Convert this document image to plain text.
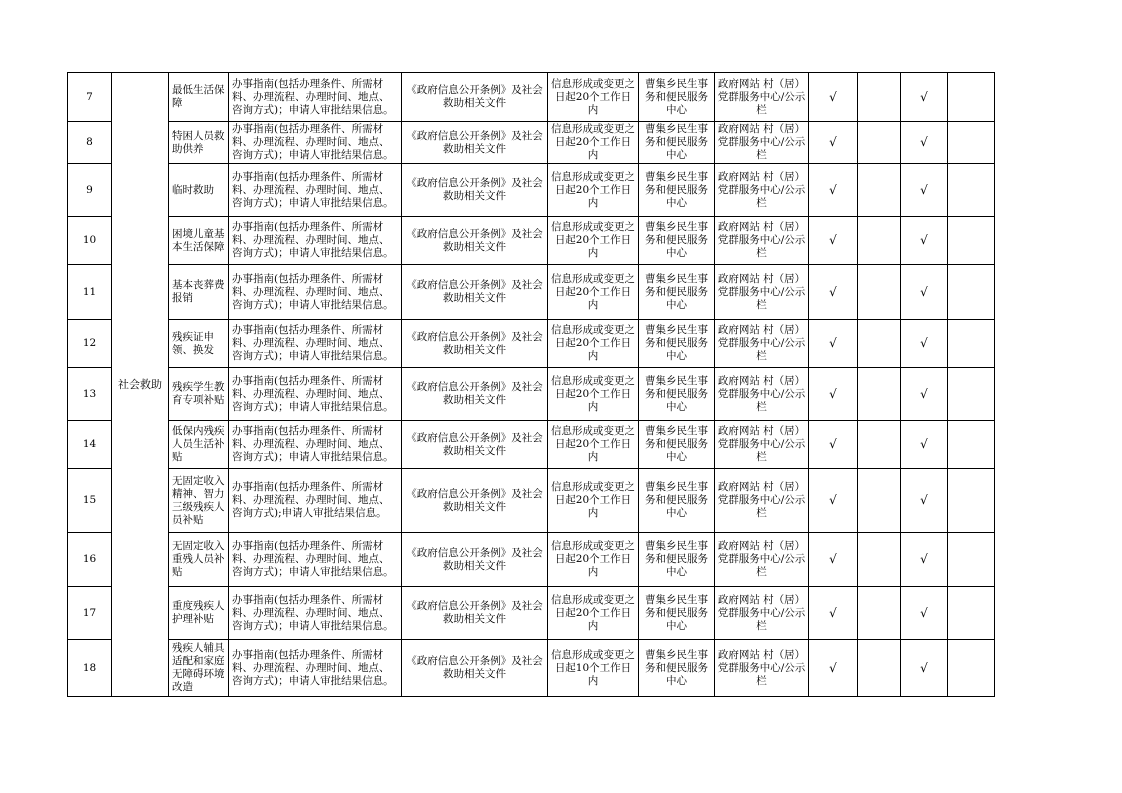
7	社会救助	最低生活保障	办事指南(包括办理条件、所需材料、办理流程、办理时间、地点、咨询方式)；申请人审批结果信息。	《政府信息公开条例》及社会救助相关文件	信息形成或变更之日起20个工作日内	曹集乡民生事务和便民服务中心	政府网站 村（居）党群服务中心/公示栏	√		√	
8		特困人员救助供养	办事指南(包括办理条件、所需材料、办理流程、办理时间、地点、咨询方式)；申请人审批结果信息。	《政府信息公开条例》及社会救助相关文件	信息形成或变更之日起20个工作日内	曹集乡民生事务和便民服务中心	政府网站 村（居）党群服务中心/公示栏	√		√	
9		临时救助	办事指南(包括办理条件、所需材料、办理流程、办理时间、地点、咨询方式)；申请人审批结果信息。	《政府信息公开条例》及社会救助相关文件	信息形成或变更之日起20个工作日内	曹集乡民生事务和便民服务中心	政府网站 村（居）党群服务中心/公示栏	√		√	
10		困境儿童基本生活保障	办事指南(包括办理条件、所需材料、办理流程、办理时间、地点、咨询方式)；申请人审批结果信息。	《政府信息公开条例》及社会救助相关文件	信息形成或变更之日起20个工作日内	曹集乡民生事务和便民服务中心	政府网站 村（居）党群服务中心/公示栏	√		√	
11		基本丧葬费报销	办事指南(包括办理条件、所需材料、办理流程、办理时间、地点、咨询方式)；申请人审批结果信息。	《政府信息公开条例》及社会救助相关文件	信息形成或变更之日起20个工作日内	曹集乡民生事务和便民服务中心	政府网站 村（居）党群服务中心/公示栏	√		√	
12		残疾证申领、换发	办事指南(包括办理条件、所需材料、办理流程、办理时间、地点、咨询方式)；申请人审批结果信息。	《政府信息公开条例》及社会救助相关文件	信息形成或变更之日起20个工作日内	曹集乡民生事务和便民服务中心	政府网站 村（居）党群服务中心/公示栏	√		√	
13		残疾学生教育专项补贴	办事指南(包括办理条件、所需材料、办理流程、办理时间、地点、咨询方式)；申请人审批结果信息。	《政府信息公开条例》及社会救助相关文件	信息形成或变更之日起20个工作日内	曹集乡民生事务和便民服务中心	政府网站 村（居）党群服务中心/公示栏	√		√	
14		低保内残疾人员生活补贴	办事指南(包括办理条件、所需材料、办理流程、办理时间、地点、咨询方式)；申请人审批结果信息。	《政府信息公开条例》及社会救助相关文件	信息形成或变更之日起20个工作日内	曹集乡民生事务和便民服务中心	政府网站 村（居）党群服务中心/公示栏	√		√	
15		无固定收入精神、智力三级残疾人员补贴	办事指南(包括办理条件、所需材料、办理流程、办理时间、地点、咨询方式);申请人审批结果信息。	《政府信息公开条例》及社会救助相关文件	信息形成或变更之日起20个工作日内	曹集乡民生事务和便民服务中心	政府网站 村（居）党群服务中心/公示栏	√		√	
16		无固定收入重残人员补贴	办事指南(包括办理条件、所需材料、办理流程、办理时间、地点、咨询方式)；申请人审批结果信息。	《政府信息公开条例》及社会救助相关文件	信息形成或变更之日起20个工作日内	曹集乡民生事务和便民服务中心	政府网站 村（居）党群服务中心/公示栏	√		√	
17		重度残疾人护理补贴	办事指南(包括办理条件、所需材料、办理流程、办理时间、地点、咨询方式)；申请人审批结果信息。	《政府信息公开条例》及社会救助相关文件	信息形成或变更之日起20个工作日内	曹集乡民生事务和便民服务中心	政府网站 村（居）党群服务中心/公示栏	√		√	
18		残疾人辅具适配和家庭无障碍环境改造	办事指南(包括办理条件、所需材料、办理流程、办理时间、地点、咨询方式)；申请人审批结果信息。	《政府信息公开条例》及社会救助相关文件	信息形成或变更之日起10个工作日内	曹集乡民生事务和便民服务中心	政府网站 村（居）党群服务中心/公示栏	√		√	
